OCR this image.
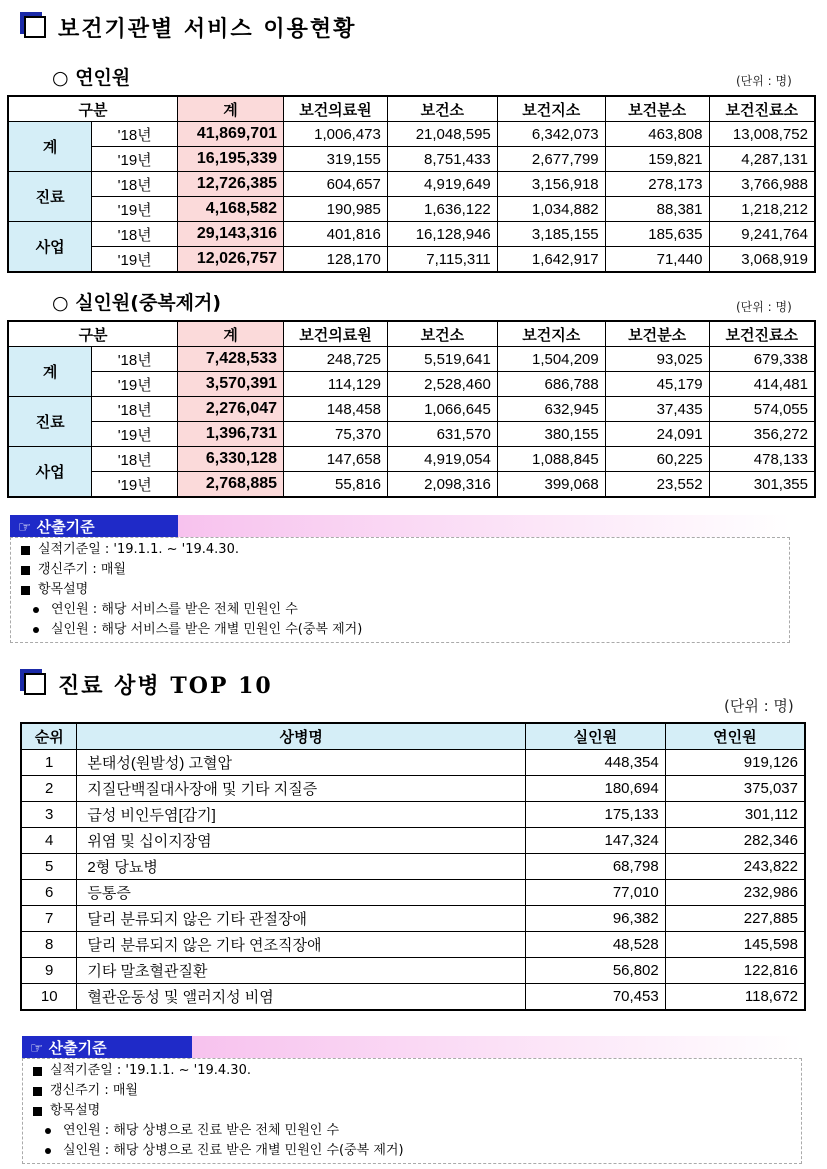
보건기관별 서비스 이용현황
○ 연인원	(단위 : 명)
구분		계	보건의료원	보건소	보건지소	보건분소	보건진료소
계	'18년	41,869,701	1,006,473	21,048,595	6,342,073	463,808	13,008,752
	'19년	16,195,339	319,155	8,751,433	2,677,799	159,821	4,287,131
진료	'18년	12,726,385	604,657	4,919,649	3,156,918	278,173	3,766,988
	'19년	4,168,582	190,985	1,636,122	1,034,882	88,381	1,218,212
사업	'18년	29,143,316	401,816	16,128,946	3,185,155	185,635	9,241,764
	'19년	12,026,757	128,170	7,115,311	1,642,917	71,440	3,068,919
○ 실인원(중복제거)	(단위 : 명)
구분		계	보건의료원	보건소	보건지소	보건분소	보건진료소
계	'18년	7,428,533	248,725	5,519,641	1,504,209	93,025	679,338
	'19년	3,570,391	114,129	2,528,460	686,788	45,179	414,481
진료	'18년	2,276,047	148,458	1,066,645	632,945	37,435	574,055
	'19년	1,396,731	75,370	631,570	380,155	24,091	356,272
사업	'18년	6,330,128	147,658	4,919,054	1,088,845	60,225	478,133
	'19년	2,768,885	55,816	2,098,316	399,068	23,552	301,355
☞ 산출기준
실적기준일 : '19.1.1. ~ '19.4.30.
갱신주기 : 매월
항목설명
연인원 : 해당 서비스를 받은 전체 민원인 수
실인원 : 해당 서비스를 받은 개별 민원인 수(중복 제거)
진료 상병 TOP 10
(단위 : 명)
순위	상병명	실인원	연인원
1	본태성(원발성) 고혈압	448,354	919,126
2	지질단백질대사장애 및 기타 지질증	180,694	375,037
3	급성 비인두염[감기]	175,133	301,112
4	위염 및 십이지장염	147,324	282,346
5	2형 당뇨병	68,798	243,822
6	등통증	77,010	232,986
7	달리 분류되지 않은 기타 관절장애	96,382	227,885
8	달리 분류되지 않은 기타 연조직장애	48,528	145,598
9	기타 말초혈관질환	56,802	122,816
10	혈관운동성 및 앨러지성 비염	70,453	118,672
☞ 산출기준
실적기준일 : '19.1.1. ~ '19.4.30.
갱신주기 : 매월
항목설명
연인원 : 해당 상병으로 진료 받은 전체 민원인 수
실인원 : 해당 상병으로 진료 받은 개별 민원인 수(중복 제거)
